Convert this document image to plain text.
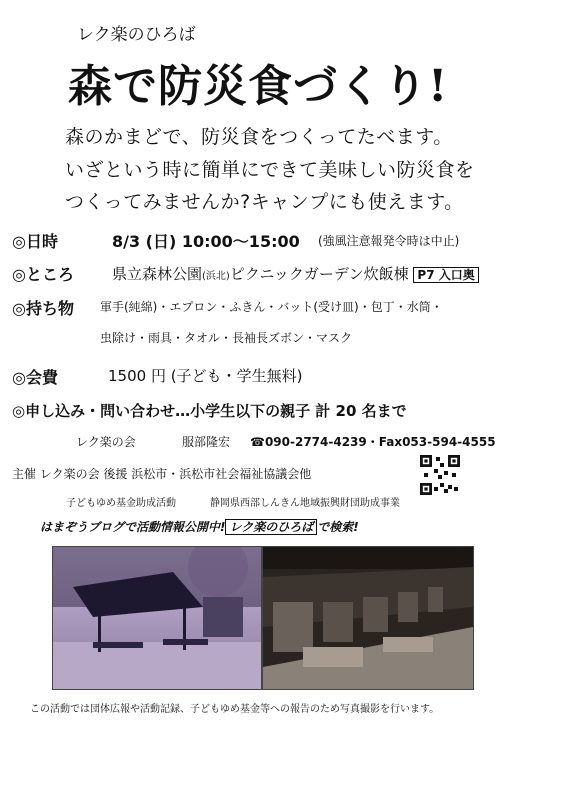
レク楽のひろば
森で防災食づくり!
森のかまどで、防災食をつくってたべます。
いざという時に簡単にできて美味しい防災食を
つくってみませんか?キャンプにも使えます。
◎日時	8/3 (日) 10:00～15:00 (強風注意報発令時は中止)
◎ところ	県立森林公園(浜北)ピクニックガーデン炊飯棟 P7 入口奥
◎持ち物 軍手(純綿)・エプロン・ふきん・バット(受け皿)・包丁・水筒・
虫除け・雨具・タオル・長袖長ズボン・マスク
◎会費	1500 円 (子ども・学生無料)
◎申し込み・問い合わせ…小学生以下の親子 計 20 名まで
レク楽の会	服部隆宏 ☎090-2774-4239・Fax053-594-4555
主催 レク楽の会 後援 浜松市・浜松市社会福祉協議会他
子どもゆめ基金助成活動	静岡県西部しんきん地域振興財団助成事業
はまぞうブログで活動情報公開中! レク楽のひろば で検索!
この活動では団体広報や活動記録、子どもゆめ基金等への報告のため写真撮影を行います。
